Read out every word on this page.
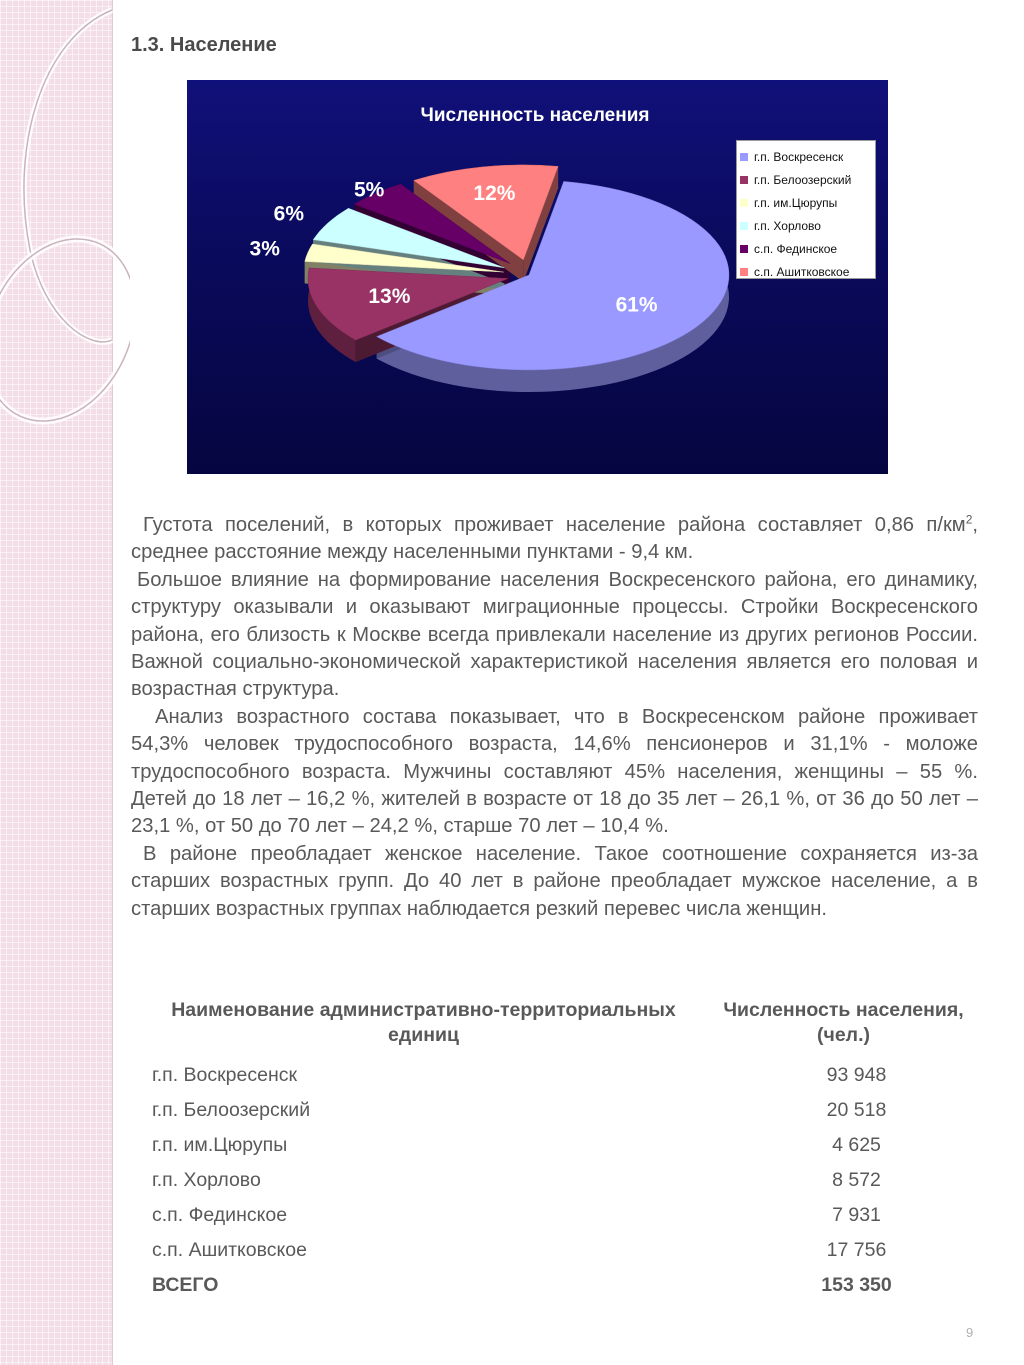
1.3. Население
Численность населения
61%
13%
3%
6%
5%	12%
г.п. Воскресенск
г.п. Белоозерский
г.п. им.Цюрупы
г.п. Хорлово
с.п. Фединское
с.п. Ашитковское

Густота поселений, в которых проживает население района составляет 0,86 $п/км^2$, среднее расстояние между населенными пунктами - 9,4 км.

Большое влияние на формирование населения Воскресенского района, его динамику, структуру оказывали и оказывают миграционные процессы. Стройки Воскресенского района, его близость к Москве всегда привлекали население из других регионов России. Важной социально-экономической характеристикой населения является его половая и возрастная структура.

Анализ возрастного состава показывает, что в Воскресенском районе проживает 54,3% человек трудоспособного возраста, 14,6% пенсионеров и 31,1% - моложе трудоспособного возраста. Мужчины составляют 45% населения, женщины – 55 %. Детей до 18 лет – 16,2 %, жителей в возрасте от 18 до 35 лет – 26,1 %, от 36 до 50 лет – 23,1 %, от 50 до 70 лет – 24,2 %, старше 70 лет – 10,4 %.

В районе преобладает женское население. Такое соотношение сохраняется из-за старших возрастных групп. До 40 лет в районе преобладает мужское население, а в старших возрастных группах наблюдается резкий перевес числа женщин.

Наименование административно-территориальных единиц	Численность населения, (чел.)
г.п. Воскресенск	93 948
г.п. Белоозерский	20 518
г.п. им.Цюрупы	4 625
г.п. Хорлово	8 572
с.п. Фединское	7 931
с.п. Ашитковское	17 756
ВСЕГО	153 350
9
